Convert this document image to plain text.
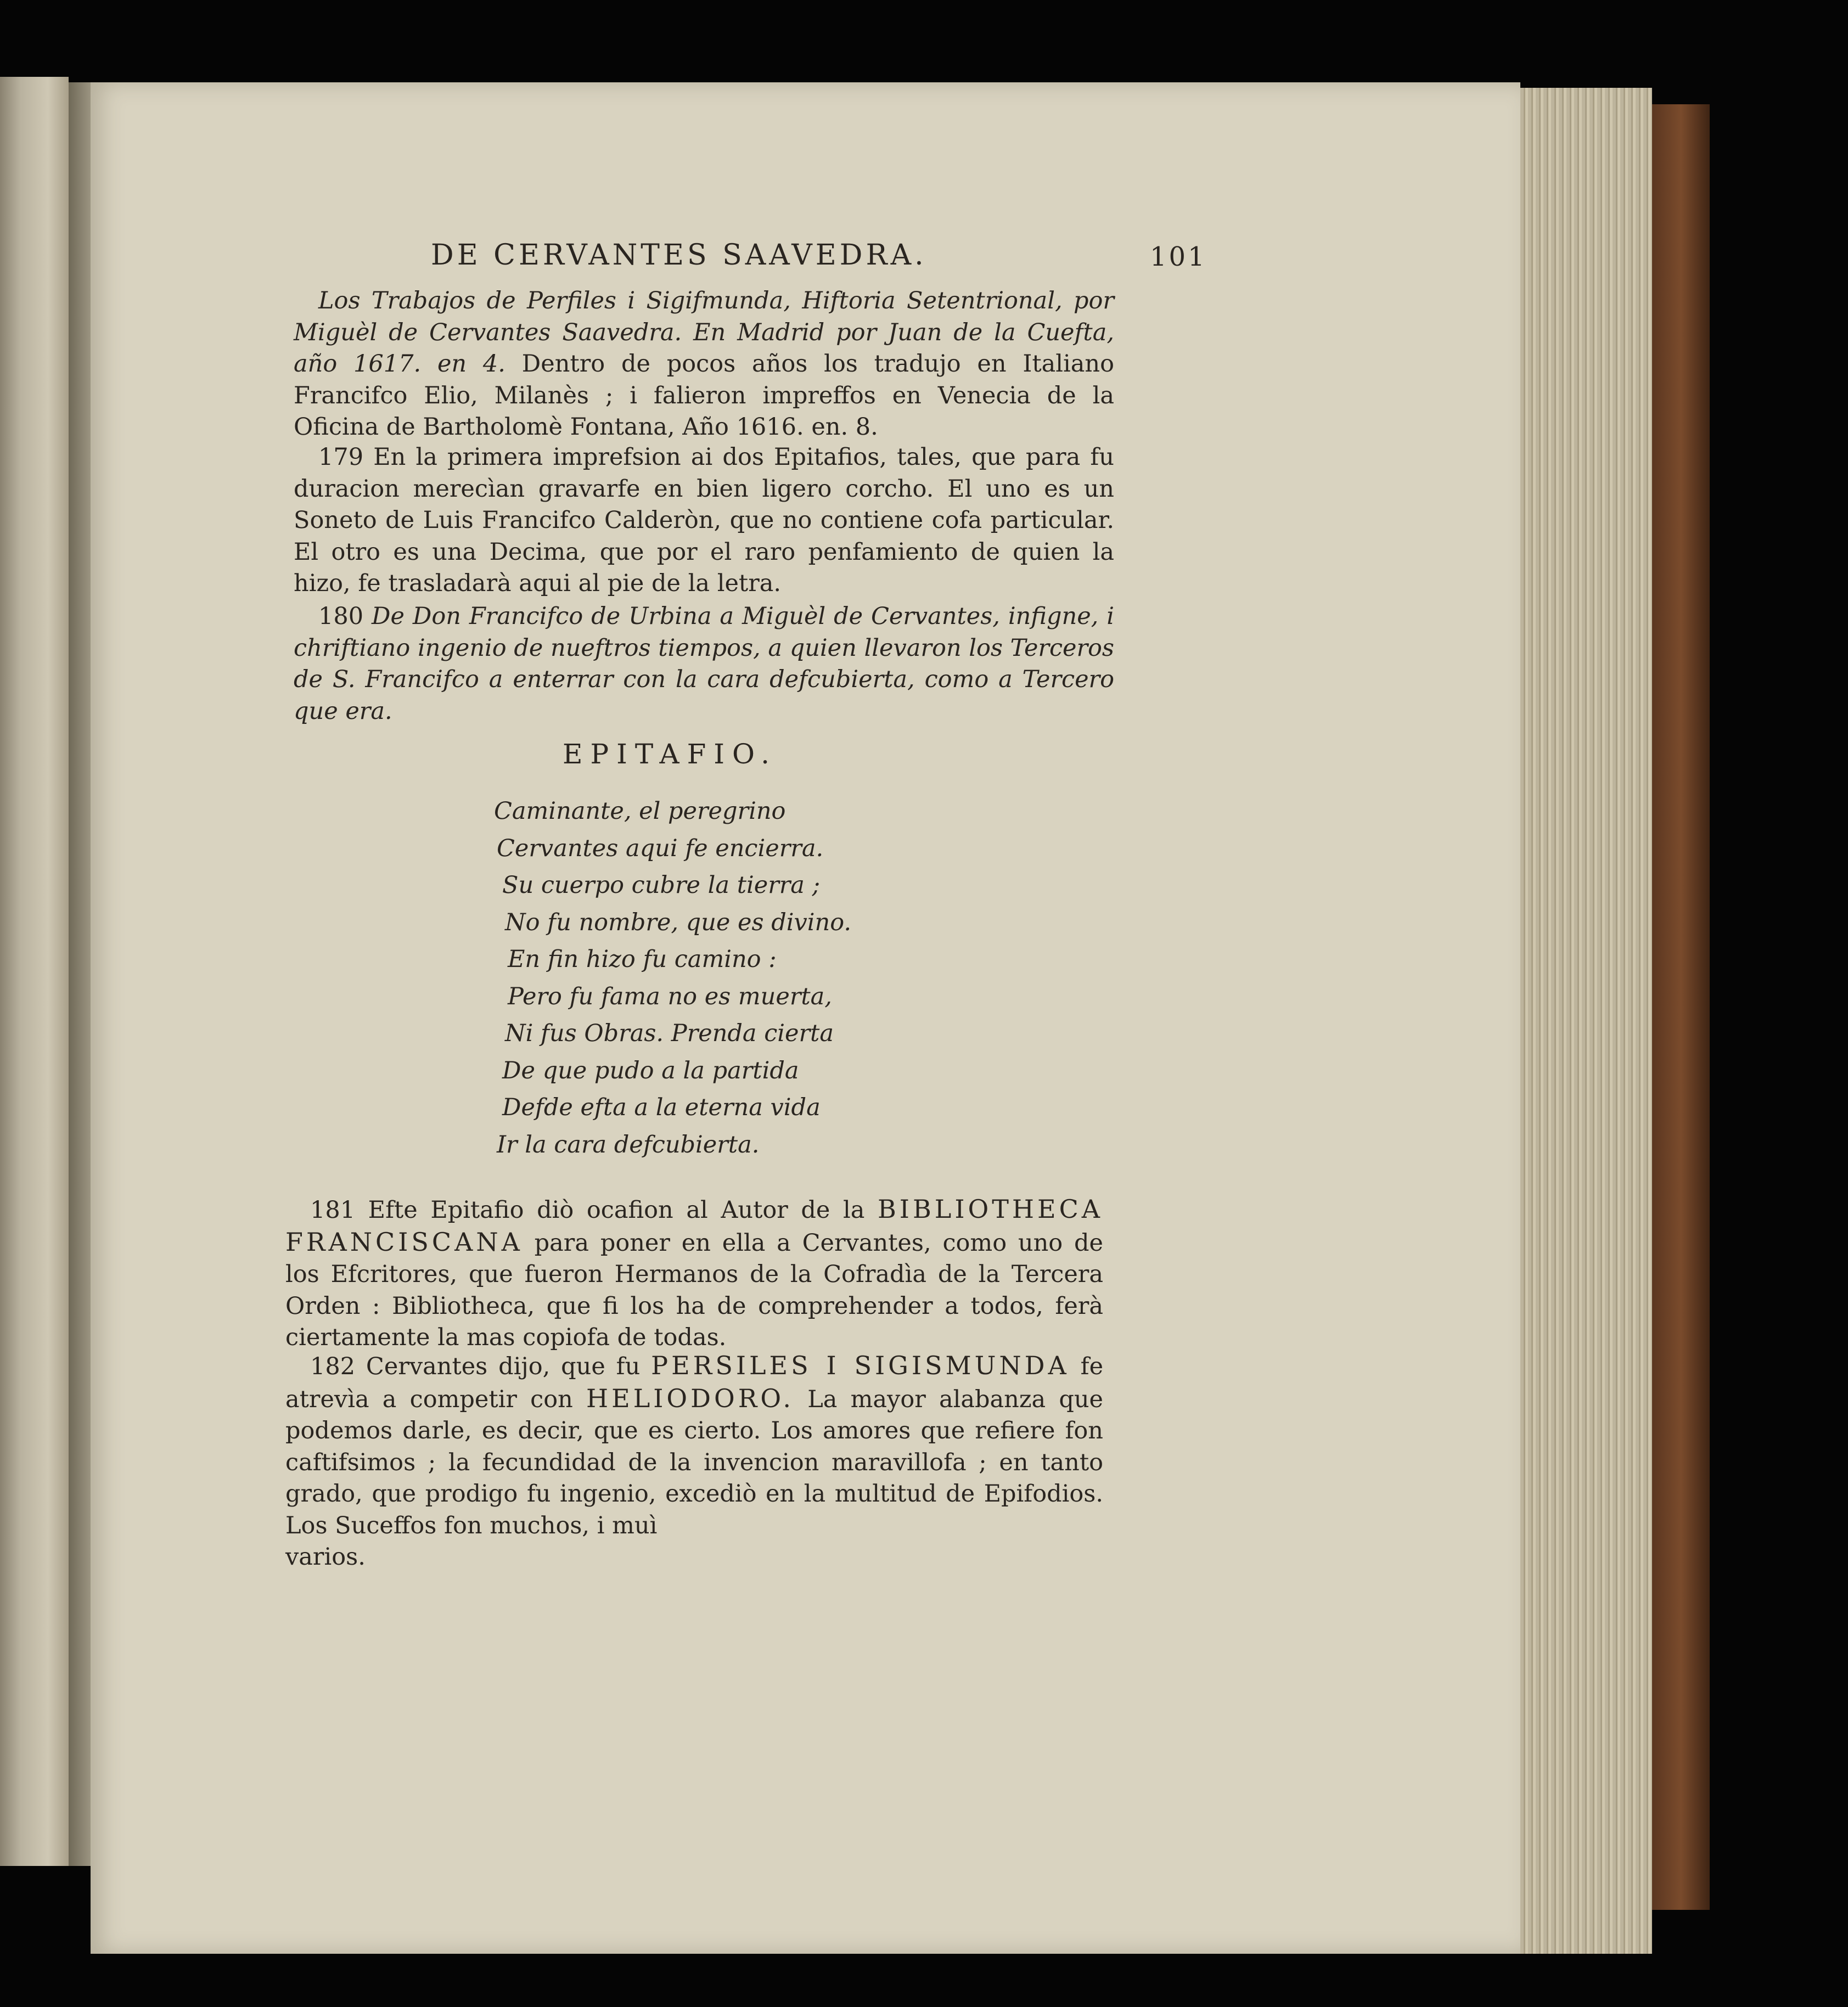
DE CERVANTES SAAVEDRA.	101

Los Trabajos de Perfiles i Sigifmunda, Hiftoria Setentrional, por Miguèl de Cervantes Saavedra. En Madrid por Juan de la Cuefta, año 1617. en 4. Dentro de pocos años los tradujo en Italiano Francifco Elio, Milanès ; i falieron impreffos en Venecia de la Oficina de Bartholomè Fontana, Año 1616. en. 8.

179 En la primera imprefsion ai dos Epitafios, tales, que para fu duracion merecìan gravarfe en bien ligero corcho. El uno es un Soneto de Luis Francifco Calderòn, que no contiene cofa particular. El otro es una Decima, que por el raro penfamiento de quien la hizo, fe trasladarà aqui al pie de la letra.

180 De Don Francifco de Urbina a Miguèl de Cervantes, infigne, i chriftiano ingenio de nueftros tiempos, a quien llevaron los Terceros de S. Francifco a enterrar con la cara defcubierta, como a Tercero que era.

EPITAFIO.
Caminante, el peregrino
Cervantes aqui fe encierra.
Su cuerpo cubre la tierra ;
No fu nombre, que es divino.
En fin hizo fu camino :
Pero fu fama no es muerta,
Ni fus Obras. Prenda cierta
De que pudo a la partida
Defde efta a la eterna vida
Ir la cara defcubierta.

181 Efte Epitafio diò ocafion al Autor de la BIBLIOTHECA FRANCISCANA para poner en ella a Cervantes, como uno de los Efcritores, que fueron Hermanos de la Cofradìa de la Tercera Orden : Bibliotheca, que fi los ha de comprehender a todos, ferà ciertamente la mas copiofa de todas.

182 Cervantes dijo, que fu PERSILES I SIGISMUNDA fe atrevìa a competir con HELIODORO. La mayor alabanza que podemos darle, es decir, que es cierto. Los amores que refiere fon caftifsimos ; la fecundidad de la invencion maravillofa ; en tanto grado, que prodigo fu ingenio, excediò en la multitud de Epifodios. Los Suceffos fon muchos, i muì

varios.
